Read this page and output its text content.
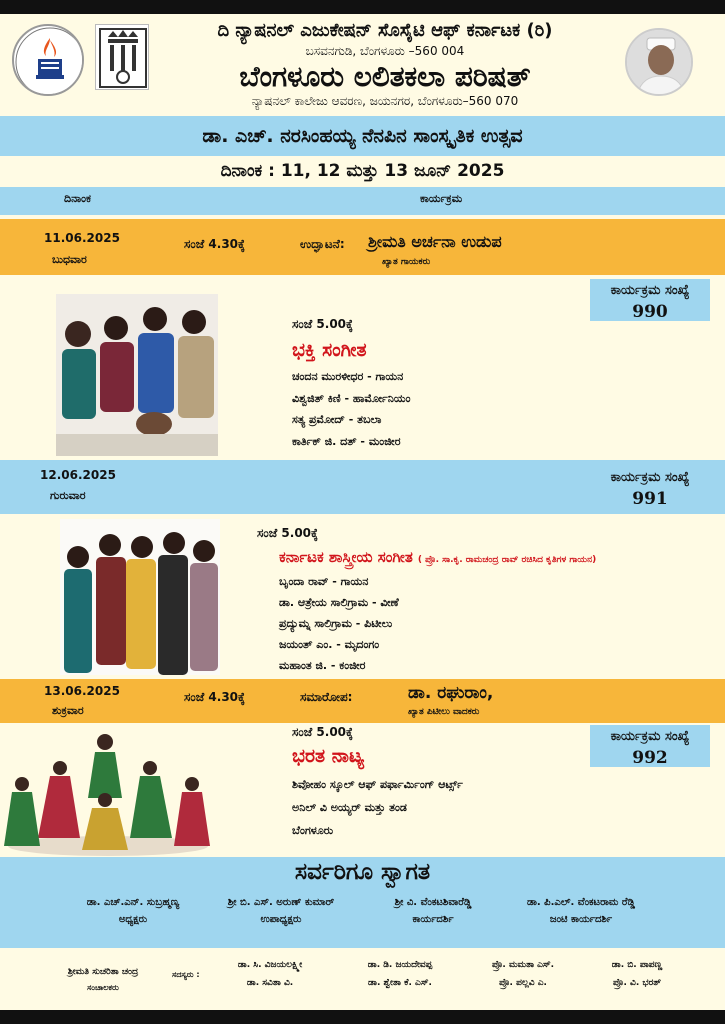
ದಿ ನ್ಯಾಷನಲ್ ಎಜುಕೇಷನ್ ಸೊಸೈಟಿ ಆಫ್ ಕರ್ನಾಟಕ (ರಿ)
ಬಸವನಗುಡಿ, ಬೆಂಗಳೂರು –560 004
ಬೆಂಗಳೂರು ಲಲಿತಕಲಾ ಪರಿಷತ್
ನ್ಯಾಷನಲ್ ಕಾಲೇಜು ಆವರಣ, ಜಯನಗರ, ಬೆಂಗಳೂರು–560 070
ಡಾ. ಎಚ್. ನರಸಿಂಹಯ್ಯ ನೆನಪಿನ ಸಾಂಸ್ಕೃತಿಕ ಉತ್ಸವ
ದಿನಾಂಕ : 11, 12 ಮತ್ತು 13 ಜೂನ್ 2025
ದಿನಾಂಕ	ಕಾರ್ಯಕ್ರಮ
11.06.2025
ಬುಧವಾರ
ಸಂಜೆ 4.30ಕ್ಕೆ	ಉದ್ಘಾಟನೆ: ಶ್ರೀಮತಿ ಅರ್ಚನಾ ಉಡುಪ
ಖ್ಯಾತ ಗಾಯಕರು
ಕಾರ್ಯಕ್ರಮ ಸಂಖ್ಯೆ
990
ಸಂಜೆ 5.00ಕ್ಕೆ
ಭಕ್ತಿ ಸಂಗೀತ
ಚಂದನ ಮುರಳೀಧರ - ಗಾಯನ
ವಿಶ್ವಜಿತ್ ಕಿಣಿ - ಹಾರ್ಮೋನಿಯಂ
ಸತ್ಯ ಪ್ರಮೋದ್ - ತಬಲಾ
ಕಾರ್ತಿಕ್ ಜಿ. ದತ್ - ಮಂಜೀರ
12.06.2025
ಗುರುವಾರ
ಕಾರ್ಯಕ್ರಮ ಸಂಖ್ಯೆ
991
ಸಂಜೆ 5.00ಕ್ಕೆ
ಕರ್ನಾಟಕ ಶಾಸ್ತ್ರೀಯ ಸಂಗೀತ ( ಪ್ರೊ. ಸಾ.ಕೃ. ರಾಮಚಂದ್ರ ರಾವ್ ರಚಿಸಿದ ಕೃತಿಗಳ ಗಾಯನ)
ಬೃಂದಾ ರಾವ್ - ಗಾಯನ
ಡಾ. ಆತ್ರೇಯ ಸಾಲಿಗ್ರಾಮ - ವೀಣೆ
ಪ್ರದ್ಯುಮ್ನ ಸಾಲಿಗ್ರಾಮ - ಪಿಟೀಲು
ಜಯಂತ್ ಎಂ. - ಮೃದಂಗಂ
ಮಹಾಂತ ಜಿ. - ಕಂಜೀರ
13.06.2025
ಶುಕ್ರವಾರ
ಸಂಜೆ 4.30ಕ್ಕೆ	ಸಮಾರೋಪ:	ಡಾ. ರಘುರಾಂ,
ಖ್ಯಾತ ಪಿಟೀಲು ವಾದಕರು
ಕಾರ್ಯಕ್ರಮ ಸಂಖ್ಯೆ
992
ಸಂಜೆ 5.00ಕ್ಕೆ
ಭರತ ನಾಟ್ಯ
ಶಿವೋಹಂ ಸ್ಕೂಲ್ ಆಫ್ ಪರ್ಫಾರ್ಮಿಂಗ್ ಆರ್ಟ್ಸ್
ಅನಿಲ್ ವಿ ಅಯ್ಯರ್ ಮತ್ತು ತಂಡ
ಬೆಂಗಳೂರು
ಸರ್ವರಿಗೂ ಸ್ವಾಗತ
ಡಾ. ಎಚ್.ಎನ್. ಸುಬ್ರಹ್ಮಣ್ಯ
ಅಧ್ಯಕ್ಷರು
ಶ್ರೀ ಬಿ. ಎಸ್. ಅರುಣ್ ಕುಮಾರ್
ಉಪಾಧ್ಯಕ್ಷರು
ಶ್ರೀ ವಿ. ವೆಂಕಟಶಿವಾರೆಡ್ಡಿ
ಕಾರ್ಯದರ್ಶಿ
ಡಾ. ಪಿ.ಎಲ್. ವೆಂಕಟರಾಮ ರೆಡ್ಡಿ
ಜಂಟಿ ಕಾರ್ಯದರ್ಶಿ
ಶ್ರೀಮತಿ ಸುಚರಿತಾ ಚಂದ್ರ
ಸಂಚಾಲಕರು
ಸದಸ್ಯರು :
ಡಾ. ಸಿ. ವಿಜಯಲಕ್ಷ್ಮೀ
ಡಾ. ಸವಿತಾ ವಿ.
ಡಾ. ಡಿ. ಜಯದೇವಪ್ಪ
ಡಾ. ಶ್ವೇತಾ ಕೆ. ಎಸ್.
ಪ್ರೊ. ಮಮತಾ ಎಸ್.
ಪ್ರೊ. ಪಲ್ಲವಿ ಎ.
ಡಾ. ಬಿ. ಪಾಪಣ್ಣ
ಪ್ರೊ. ವಿ. ಭರತ್
